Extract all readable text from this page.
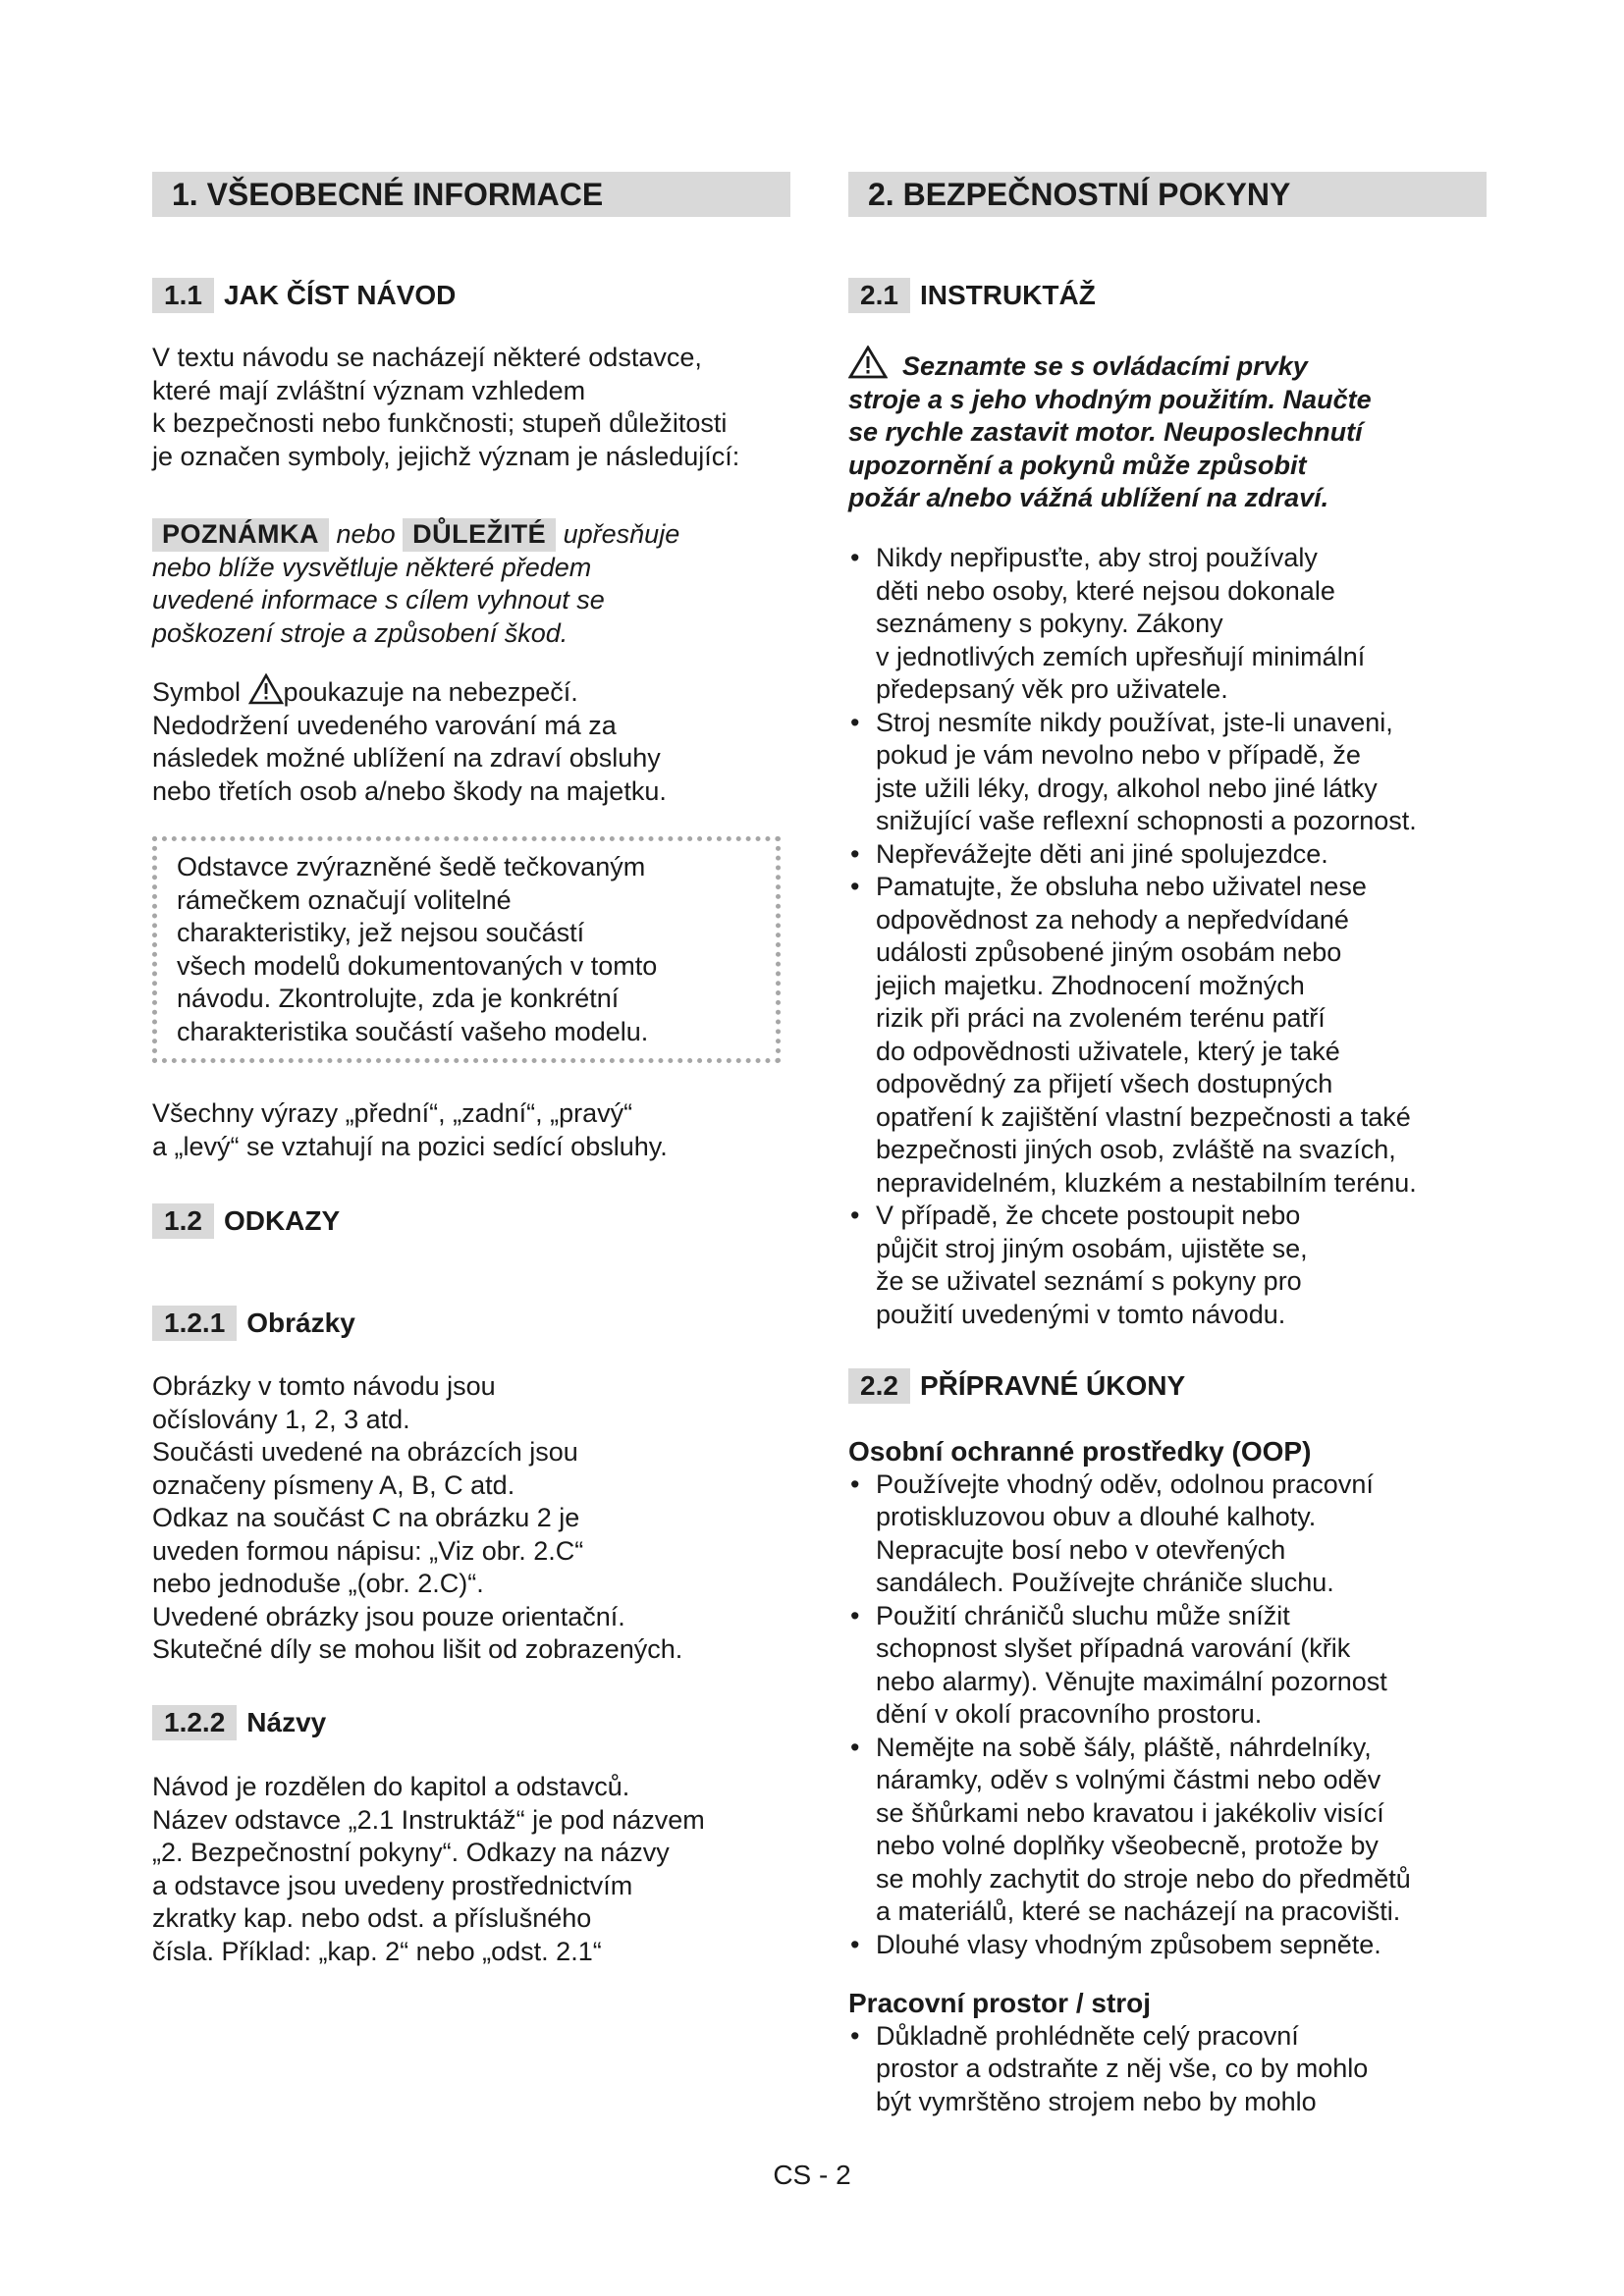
1. VŠEOBECNÉ INFORMACE
1.1 JAK ČÍST NÁVOD

V textu návodu se nacházejí některé odstavce,

které mají zvláštní význam vzhledem

k bezpečnosti nebo funkčnosti; stupeň důležitosti

je označen symboly, jejichž význam je následující:

POZNÁMKA nebo DŮLEŽITÉ upřesňuje

nebo blíže vysvětluje některé předem

uvedené informace s cílem vyhnout se

poškození stroje a způsobení škod.

Symbol poukazuje na nebezpečí.

Nedodržení uvedeného varování má za

následek možné ublížení na zdraví obsluhy

nebo třetích osob a/nebo škody na majetku.

Odstavce zvýrazněné šedě tečkovaným

rámečkem označují volitelné

charakteristiky, jež nejsou součástí

všech modelů dokumentovaných v tomto

návodu. Zkontrolujte, zda je konkrétní

charakteristika součástí vašeho modelu.

Všechny výrazy „přední“, „zadní“, „pravý“

a „levý“ se vztahují na pozici sedící obsluhy.

1.2 ODKAZY
1.2.1 Obrázky

Obrázky v tomto návodu jsou

očíslovány 1, 2, 3 atd.

Součásti uvedené na obrázcích jsou

označeny písmeny A, B, C atd.

Odkaz na součást C na obrázku 2 je

uveden formou nápisu: „Viz obr. 2.C“

nebo jednoduše „(obr. 2.C)“.

Uvedené obrázky jsou pouze orientační.

Skutečné díly se mohou lišit od zobrazených.

1.2.2 Názvy

Návod je rozdělen do kapitol a odstavců.

Název odstavce „2.1 Instruktáž“ je pod názvem

„2. Bezpečnostní pokyny“. Odkazy na názvy

a odstavce jsou uvedeny prostřednictvím

zkratky kap. nebo odst. a příslušného

čísla. Příklad: „kap. 2“ nebo „odst. 2.1“

2. BEZPEČNOSTNÍ POKYNY
2.1 INSTRUKTÁŽ

Seznamte se s ovládacími prvky

stroje a s jeho vhodným použitím. Naučte

se rychle zastavit motor. Neuposlechnutí

upozornění a pokynů může způsobit

požár a/nebo vážná ublížení na zdraví.

• Nikdy nepřipusťte, aby stroj používaly

děti nebo osoby, které nejsou dokonale

seznámeny s pokyny. Zákony

v jednotlivých zemích upřesňují minimální

předepsaný věk pro uživatele.

• Stroj nesmíte nikdy používat, jste-li unaveni,

pokud je vám nevolno nebo v případě, že

jste užili léky, drogy, alkohol nebo jiné látky

snižující vaše reflexní schopnosti a pozornost.

• Nepřevážejte děti ani jiné spolujezdce.

• Pamatujte, že obsluha nebo uživatel nese

odpovědnost za nehody a nepředvídané

události způsobené jiným osobám nebo

jejich majetku. Zhodnocení možných

rizik při práci na zvoleném terénu patří

do odpovědnosti uživatele, který je také

odpovědný za přijetí všech dostupných

opatření k zajištění vlastní bezpečnosti a také

bezpečnosti jiných osob, zvláště na svazích,

nepravidelném, kluzkém a nestabilním terénu.

• V případě, že chcete postoupit nebo

půjčit stroj jiným osobám, ujistěte se,

že se uživatel seznámí s pokyny pro

použití uvedenými v tomto návodu.

2.2 PŘÍPRAVNÉ ÚKONY

Osobní ochranné prostředky (OOP)

• Používejte vhodný oděv, odolnou pracovní

protiskluzovou obuv a dlouhé kalhoty.

Nepracujte bosí nebo v otevřených

sandálech. Používejte chrániče sluchu.

• Použití chráničů sluchu může snížit

schopnost slyšet případná varování (křik

nebo alarmy). Věnujte maximální pozornost

dění v okolí pracovního prostoru.

• Nemějte na sobě šály, pláště, náhrdelníky,

náramky, oděv s volnými částmi nebo oděv

se šňůrkami nebo kravatou i jakékoliv visící

nebo volné doplňky všeobecně, protože by

se mohly zachytit do stroje nebo do předmětů

a materiálů, které se nacházejí na pracovišti.

• Dlouhé vlasy vhodným způsobem sepněte.

Pracovní prostor / stroj

• Důkladně prohlédněte celý pracovní

prostor a odstraňte z něj vše, co by mohlo

být vymrštěno strojem nebo by mohlo

CS - 2
